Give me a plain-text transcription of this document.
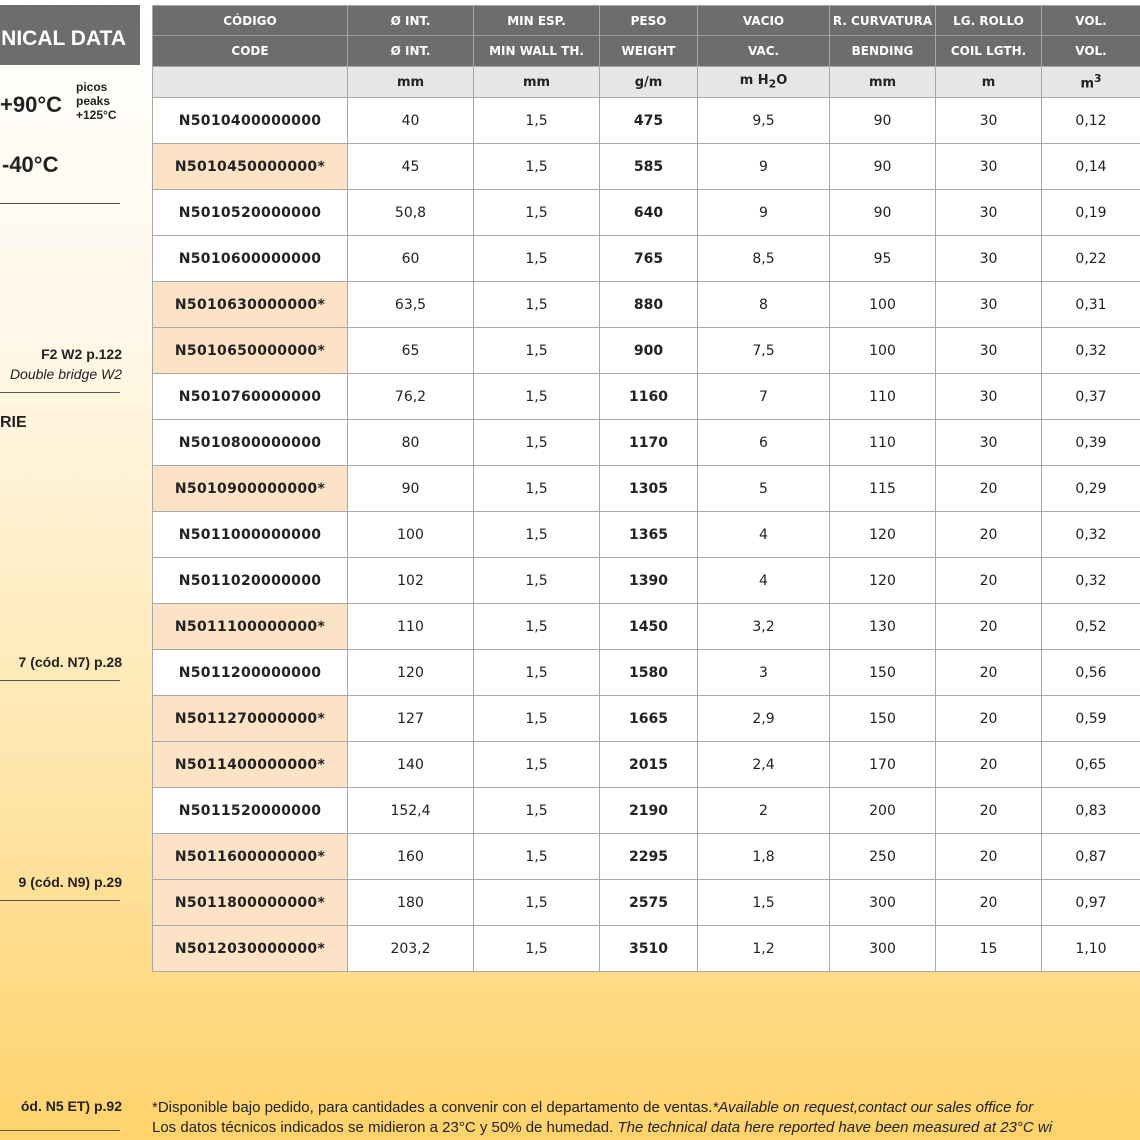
NICAL DATA
+90°C
picos
peaks
+125°C
-40°C
F2 W2 p.122
Double bridge W2
RIE
7 (cód. N7) p.28
9 (cód. N9) p.29
ód. N5 ET) p.92
CÓDIGO	Ø INT.	MIN ESP.	PESO	VACIO	R. CURVATURA	LG. ROLLO	VOL.
CODE	Ø INT.	MIN WALL TH.	WEIGHT	VAC.	BENDING	COIL LGTH.	VOL.
	mm	mm	g/m	m $H_2O$	mm	m	$m^3$
N5010400000000	40	1,5	475	9,5	90	30	0,12
N5010450000000*	45	1,5	585	9	90	30	0,14
N5010520000000	50,8	1,5	640	9	90	30	0,19
N5010600000000	60	1,5	765	8,5	95	30	0,22
N5010630000000*	63,5	1,5	880	8	100	30	0,31
N5010650000000*	65	1,5	900	7,5	100	30	0,32
N5010760000000	76,2	1,5	1160	7	110	30	0,37
N5010800000000	80	1,5	1170	6	110	30	0,39
N5010900000000*	90	1,5	1305	5	115	20	0,29
N5011000000000	100	1,5	1365	4	120	20	0,32
N5011020000000	102	1,5	1390	4	120	20	0,32
N5011100000000*	110	1,5	1450	3,2	130	20	0,52
N5011200000000	120	1,5	1580	3	150	20	0,56
N5011270000000*	127	1,5	1665	2,9	150	20	0,59
N5011400000000*	140	1,5	2015	2,4	170	20	0,65
N5011520000000	152,4	1,5	2190	2	200	20	0,83
N5011600000000*	160	1,5	2295	1,8	250	20	0,87
N5011800000000*	180	1,5	2575	1,5	300	20	0,97
N5012030000000*	203,2	1,5	3510	1,2	300	15	1,10
*Disponible bajo pedido, para cantidades a convenir con el departamento de ventas.*Available on request,contact our sales office for
Los datos técnicos indicados se midieron a 23°C y 50% de humedad. The technical data here reported have been measured at 23°C wi
